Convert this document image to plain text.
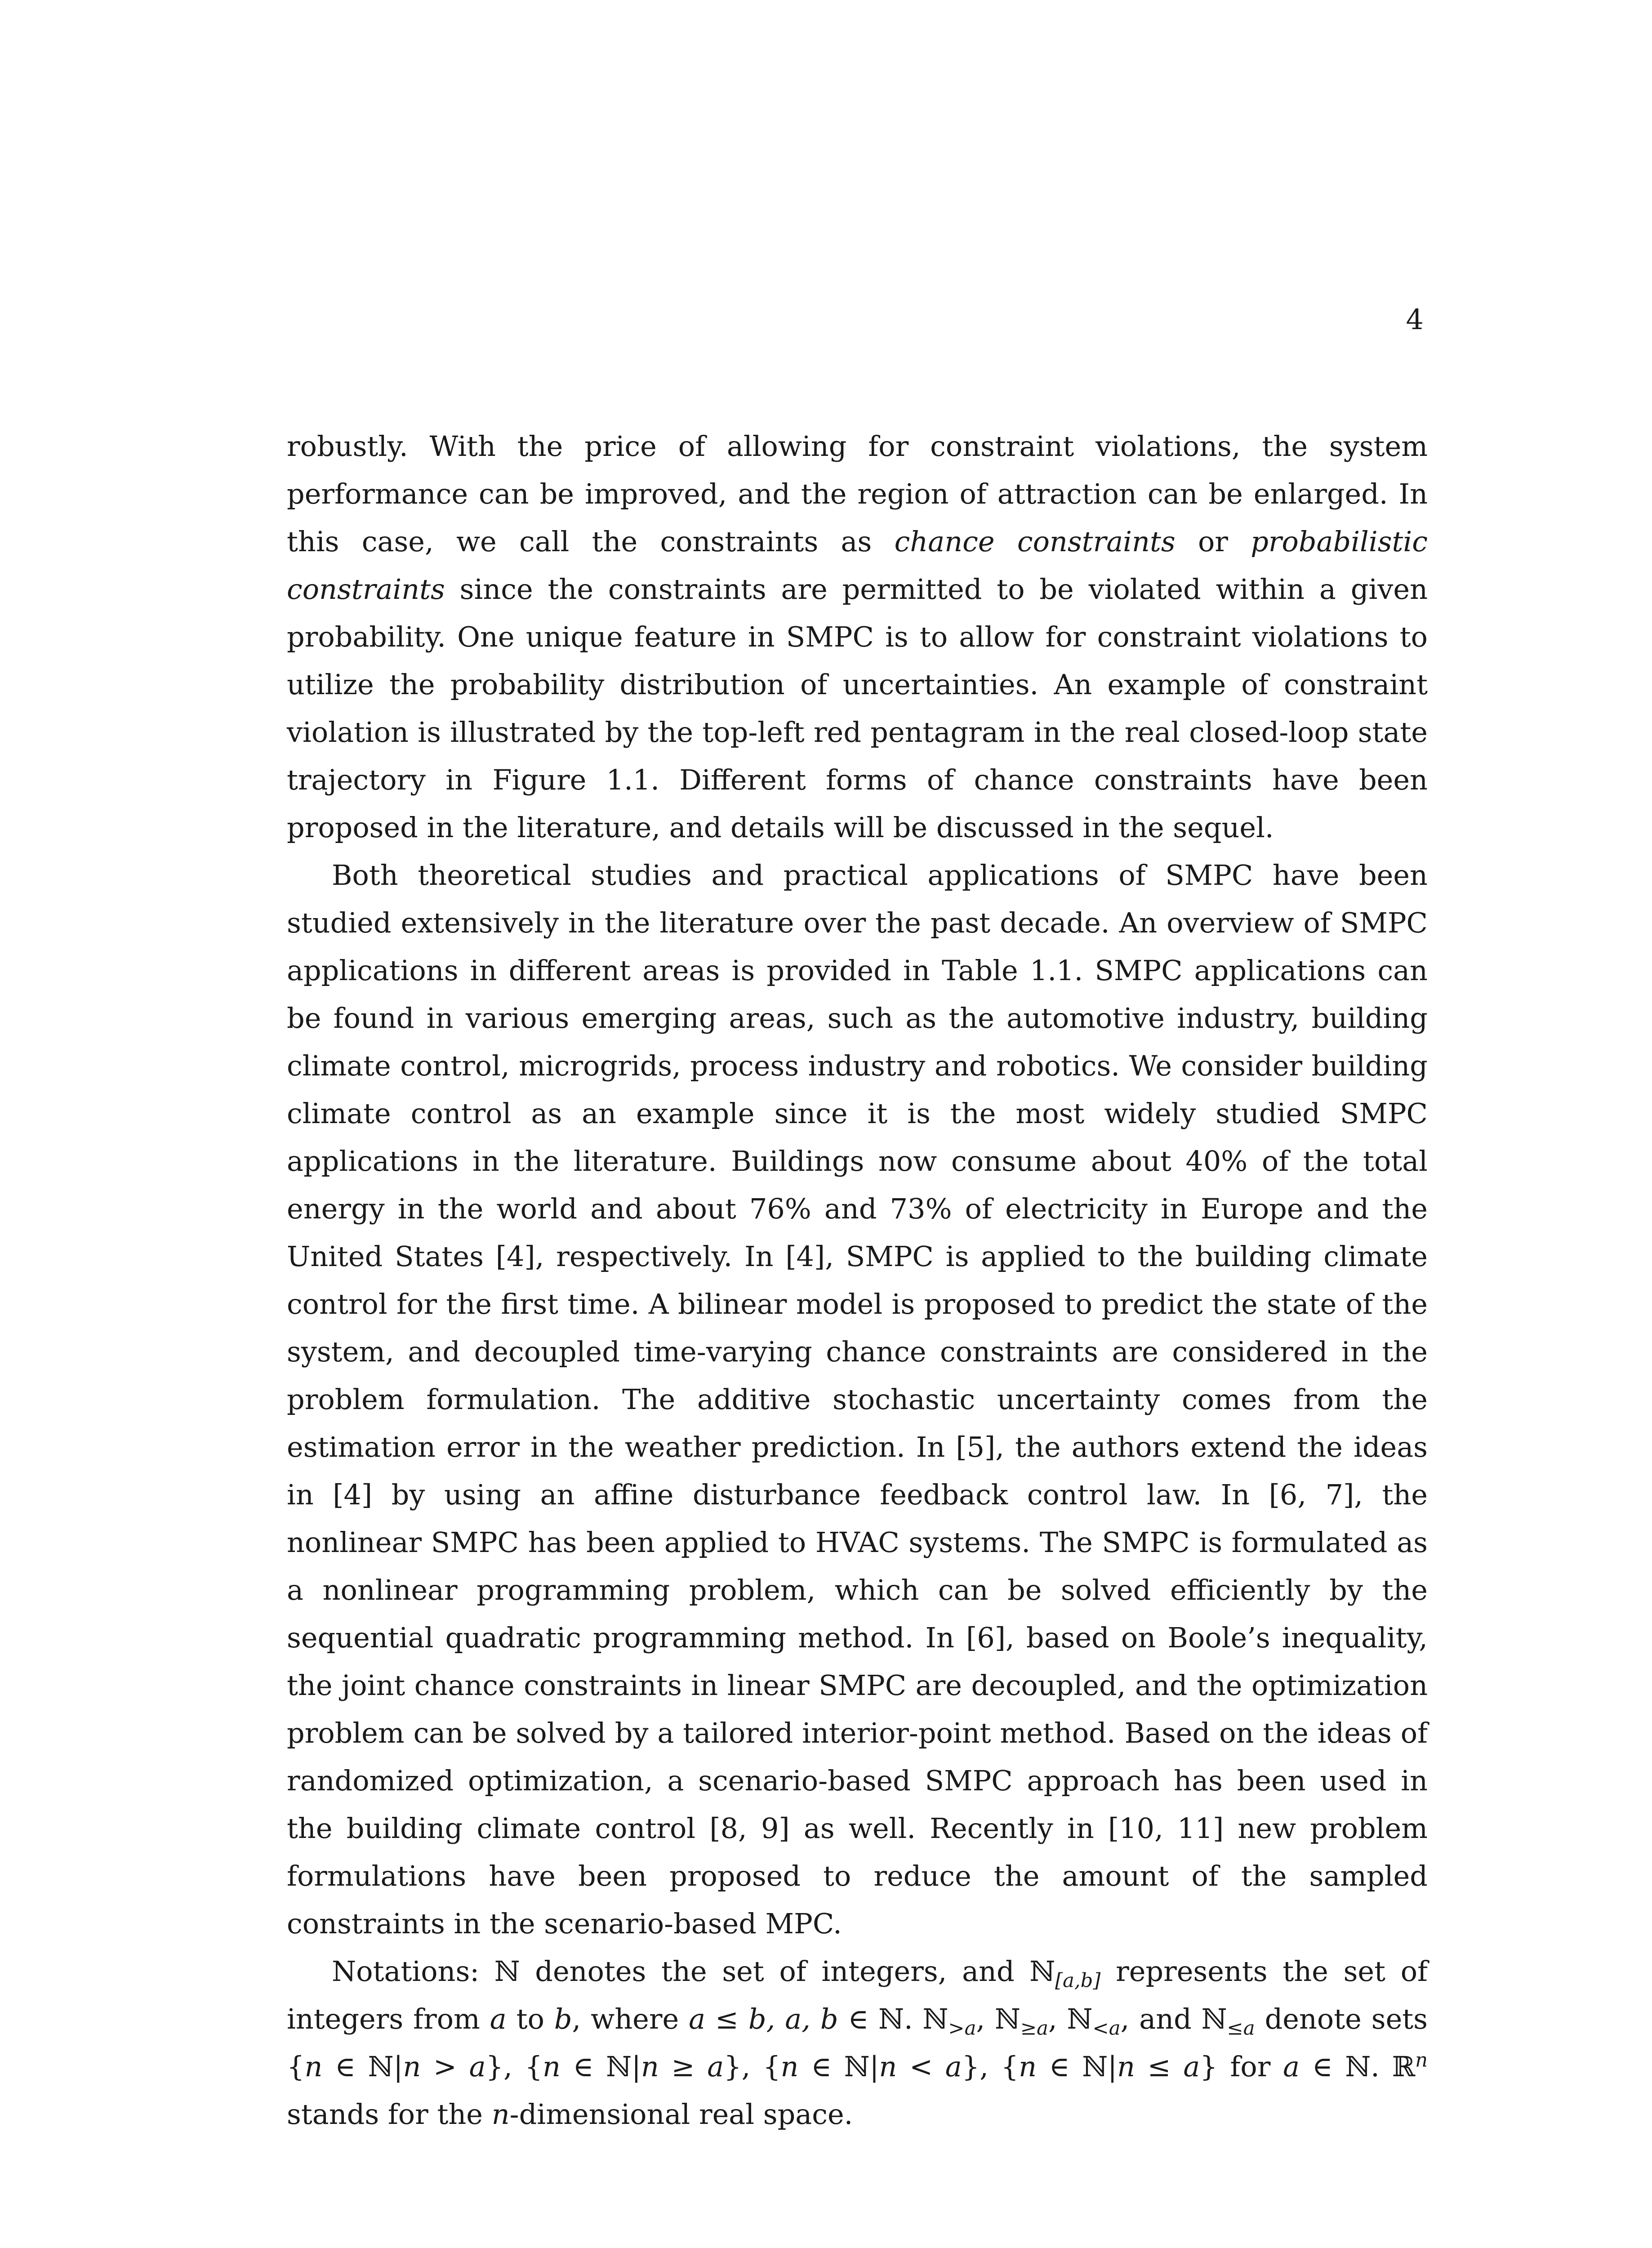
4

robustly. With the price of allowing for constraint violations, the system performance can be improved, and the region of attraction can be enlarged. In this case, we call the constraints as chance constraints or probabilistic constraints since the constraints are permitted to be violated within a given probability. One unique feature in SMPC is to allow for constraint violations to utilize the probability distribution of uncertainties. An example of constraint violation is illustrated by the top-left red pentagram in the real closed-loop state trajectory in Figure 1.1. Different forms of chance constraints have been proposed in the literature, and details will be discussed in the sequel.

Both theoretical studies and practical applications of SMPC have been studied extensively in the literature over the past decade. An overview of SMPC applications in different areas is provided in Table 1.1. SMPC applications can be found in various emerging areas, such as the automotive industry, building climate control, microgrids, process industry and robotics. We consider building climate control as an example since it is the most widely studied SMPC applications in the literature. Buildings now consume about 40% of the total energy in the world and about 76% and 73% of electricity in Europe and the United States [4], respectively. In [4], SMPC is applied to the building climate control for the first time. A bilinear model is proposed to predict the state of the system, and decoupled time-varying chance constraints are considered in the problem formulation. The additive stochastic uncertainty comes from the estimation error in the weather prediction. In [5], the authors extend the ideas in [4] by using an affine disturbance feedback control law. In [6, 7], the nonlinear SMPC has been applied to HVAC systems. The SMPC is formulated as a nonlinear programming problem, which can be solved efficiently by the sequential quadratic programming method. In [6], based on Boole’s inequality, the joint chance constraints in linear SMPC are decoupled, and the optimization problem can be solved by a tailored interior-point method. Based on the ideas of randomized optimization, a scenario-based SMPC approach has been used in the building climate control [8, 9] as well. Recently in [10, 11] new problem formulations have been proposed to reduce the amount of the sampled constraints in the scenario-based MPC.

Notations: ℕ denotes the set of integers, and ℕ$_{[a,b]}$ represents the set of integers from a to b, where a ≤ b, a, b ∈ ℕ. ℕ$_{>a}$, ℕ$_{\ge a}$, ℕ$_{<a}$, and ℕ$_{\le a}$ denote sets {n ∈ ℕ|n > a}, {n ∈ ℕ|n ≥ a}, {n ∈ ℕ|n < a}, {n ∈ ℕ|n ≤ a} for a ∈ ℕ. ℝ$^n$ stands for the n-dimensional real space.
